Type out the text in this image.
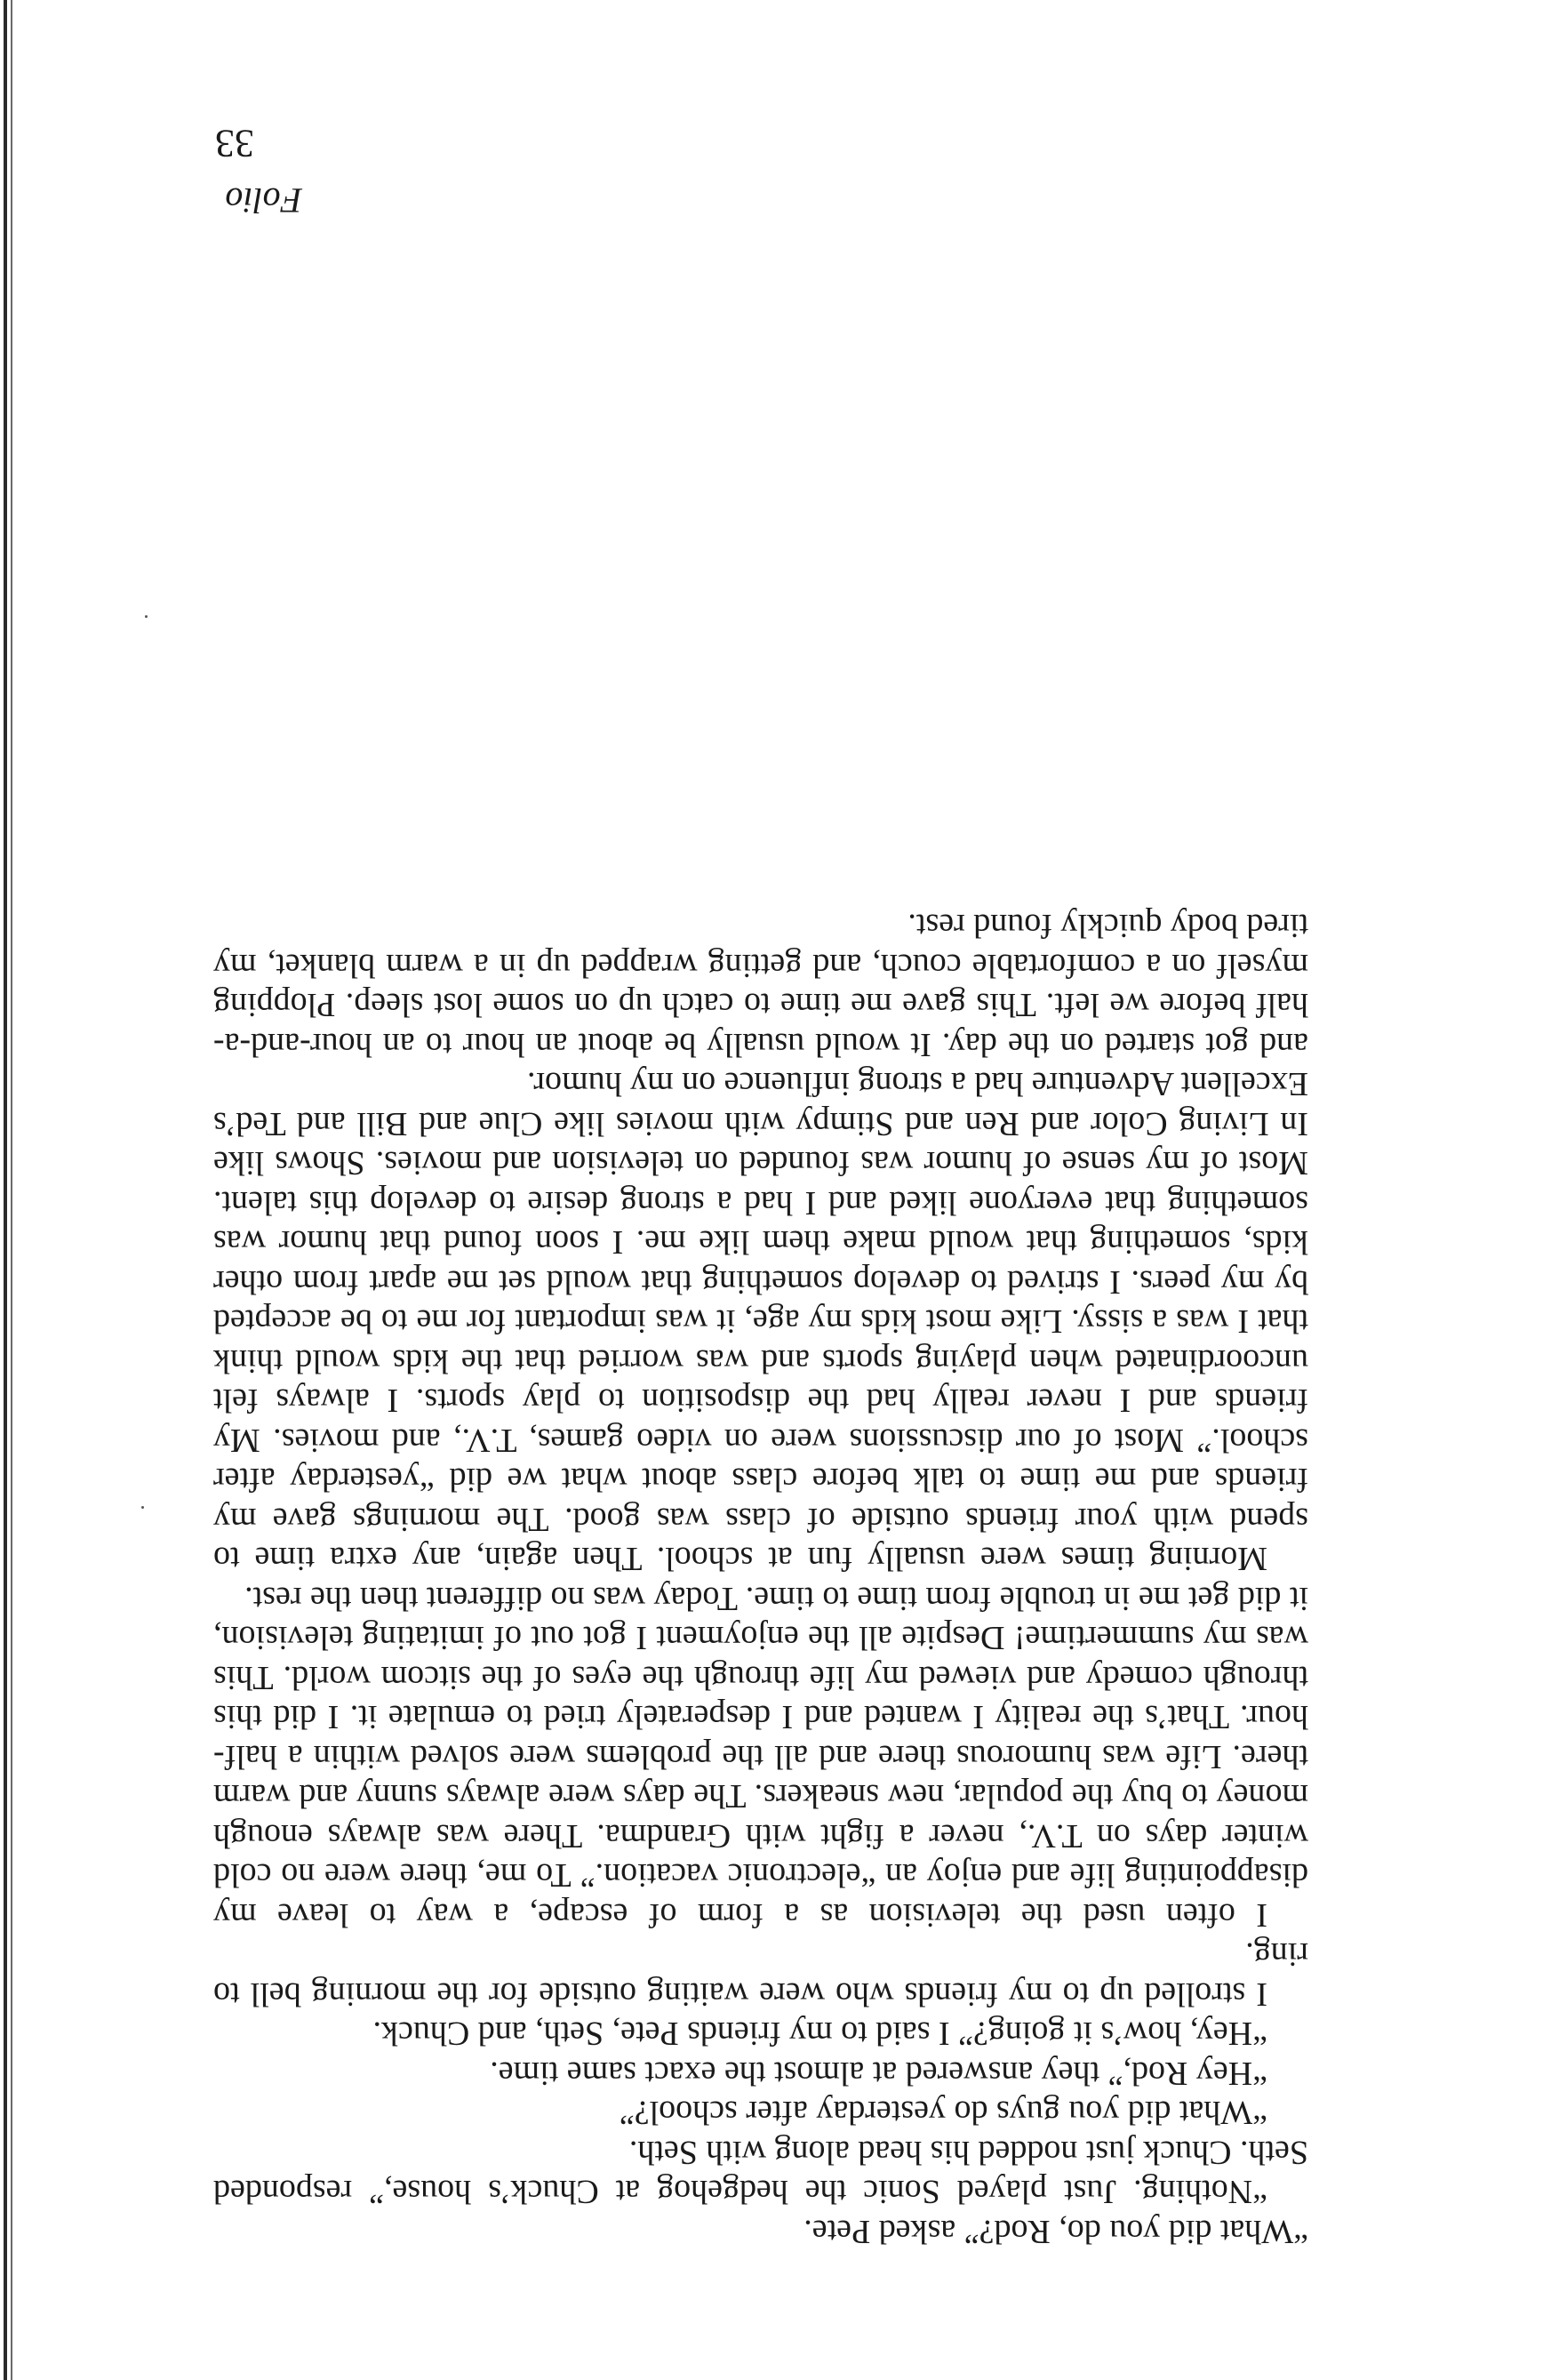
Folio
33

“What did you do, Rod?” asked Pete.

“Nothing. Just played Sonic the hedgehog at Chuck’s house,” responded Seth. Chuck just nodded his head along with Seth.

“What did you guys do yesterday after school?”

“Hey Rod,” they answered at almost the exact same time.

“Hey, how’s it going?” I said to my friends Pete, Seth, and Chuck.

I strolled up to my friends who were waiting outside for the morning bell to ring.

I often used the television as a form of escape, a way to leave my disappointing life and enjoy an “electronic vacation.” To me, there were no cold winter days on T.V., never a fight with Grandma. There was always enough money to buy the popular, new sneakers. The days were always sunny and warm there. Life was humorous there and all the problems were solved within a half-hour. That’s the reality I wanted and I desperately tried to emulate it. I did this through comedy and viewed my life through the eyes of the sitcom world. This was my summertime! Despite all the enjoyment I got out of imitating television, it did get me in trouble from time to time. Today was no different then the rest.

Morning times were usually fun at school. Then again, any extra time to spend with your friends outside of class was good. The mornings gave my friends and me time to talk before class about what we did “yesterday after school.” Most of our discussions were on video games, T.V., and movies. My friends and I never really had the disposition to play sports. I always felt uncoordinated when playing sports and was worried that the kids would think that I was a sissy. Like most kids my age, it was important for me to be accepted by my peers. I strived to develop something that would set me apart from other kids, something that would make them like me. I soon found that humor was something that everyone liked and I had a strong desire to develop this talent. Most of my sense of humor was founded on television and movies. Shows like In Living Color and Ren and Stimpy with movies like Clue and Bill and Ted’s Excellent Adventure had a strong influence on my humor.

and got started on the day. It would usually be about an hour to an hour-and-a-half before we left. This gave me time to catch up on some lost sleep. Plopping myself on a comfortable couch, and getting wrapped up in a warm blanket, my tired body quickly found rest.
